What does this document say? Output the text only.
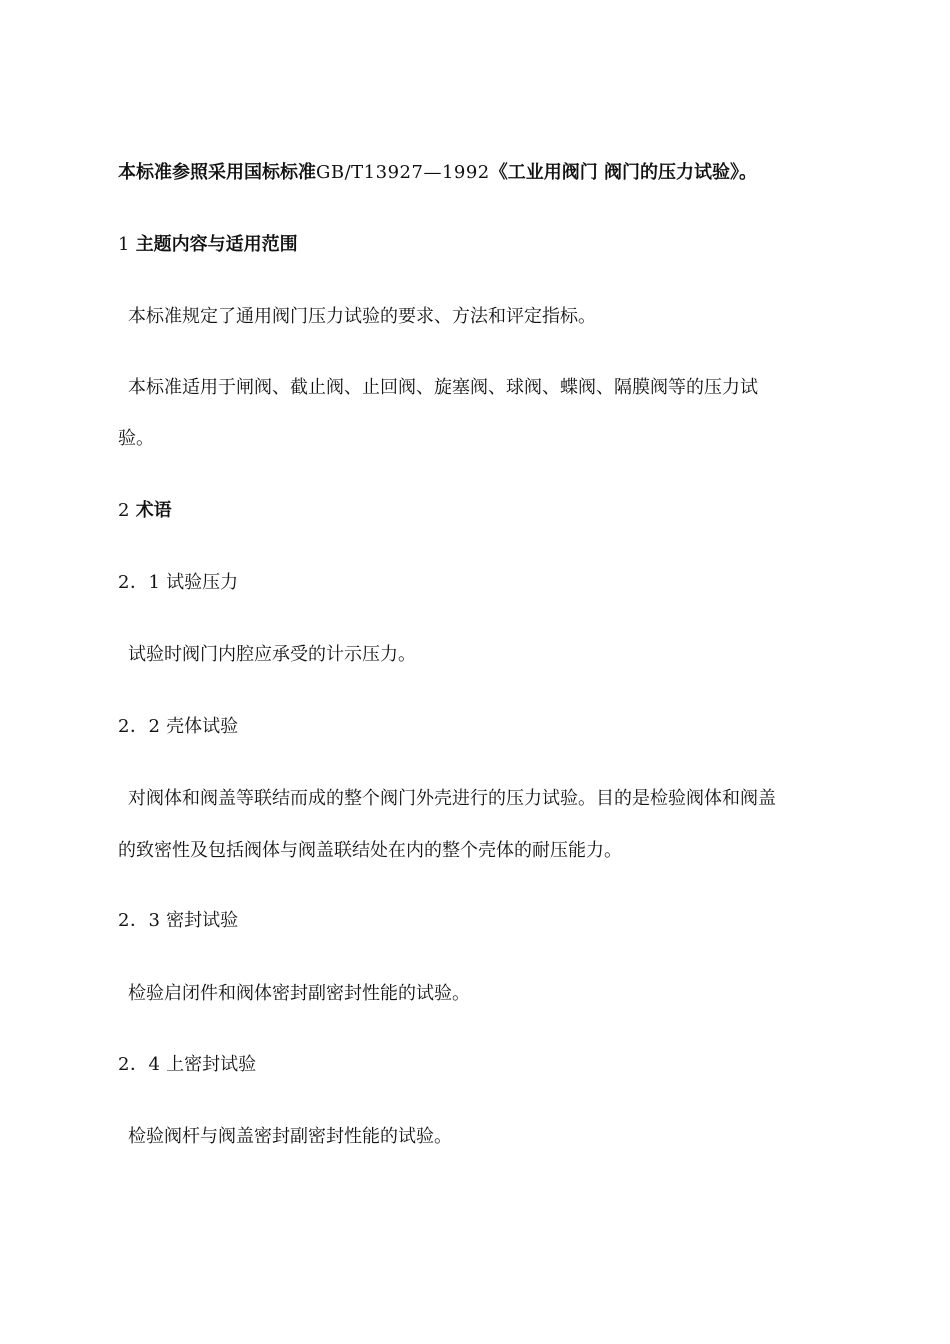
本标准参照采用国标标准GB/T13927—1992《工业用阀门 阀门的压力试验》。
1 主题内容与适用范围
本标准规定了通用阀门压力试验的要求、方法和评定指标。
本标准适用于闸阀、截止阀、止回阀、旋塞阀、球阀、蝶阀、隔膜阀等的压力试
验。
2 术语
2．1 试验压力
试验时阀门内腔应承受的计示压力。
2．2 壳体试验
对阀体和阀盖等联结而成的整个阀门外壳进行的压力试验。目的是检验阀体和阀盖
的致密性及包括阀体与阀盖联结处在内的整个壳体的耐压能力。
2．3 密封试验
检验启闭件和阀体密封副密封性能的试验。
2．4 上密封试验
检验阀杆与阀盖密封副密封性能的试验。
